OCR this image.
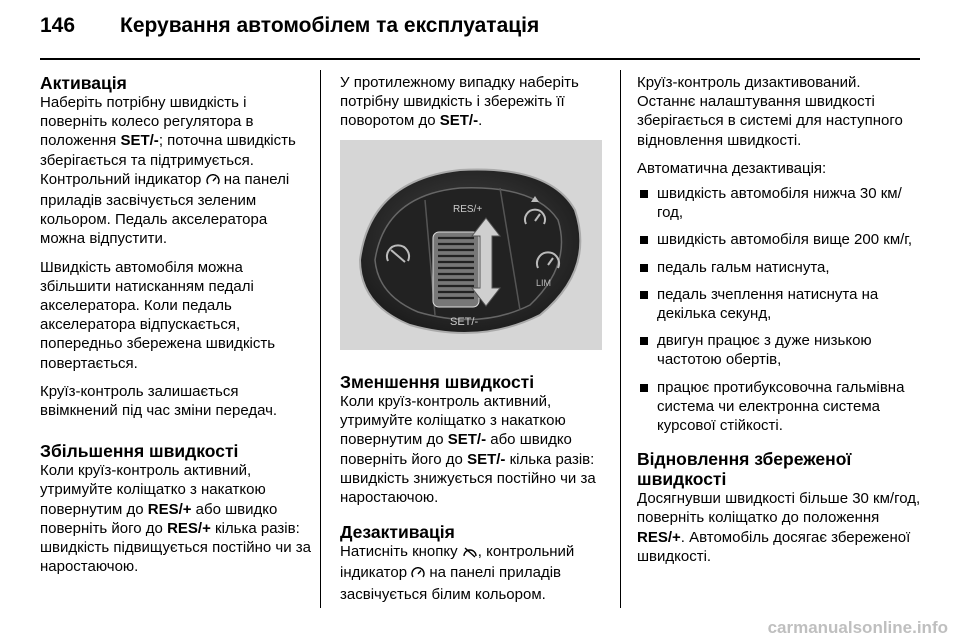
146 Керування автомобілем та експлуатація
Активація

Наберіть потрібну швидкість і поверніть колесо регулятора в положення SET/-; поточна швидкість зберігається та підтримується. Контрольний індикатор  на панелі приладів засвічується зеленим кольором. Педаль акселератора можна відпустити.

Швидкість автомобіля можна збільшити натисканням педалі акселератора. Коли педаль акселератора відпускається, попередньо збережена швидкість повертається.

Круїз-контроль залишається ввімкнений під час зміни передач.

Збільшення швидкості

Коли круїз-контроль активний, утримуйте коліщатко з накаткою повернутим до RES/+ або швидко поверніть його до RES/+ кілька разів: швидкість підвищується постійно чи за наростаючою.

У протилежному випадку наберіть потрібну швидкість і збережіть її поворотом до SET/-.

RES/+
SET/-
LIM
Зменшення швидкості

Коли круїз-контроль активний, утримуйте коліщатко з накаткою повернутим до SET/- або швидко поверніть його до SET/- кілька разів: швидкість знижується постійно чи за наростаючою.

Дезактивація

Натисніть кнопку , контрольний індикатор  на панелі приладів засвічується білим кольором.

Круїз-контроль дизактивований. Останнє налаштування швидкості зберігається в системі для наступного відновлення швидкості.

Автоматична дезактивація:

швидкість автомобіля нижча 30 км/год,
швидкість автомобіля вище 200 км/г,
педаль гальм натиснута,
педаль зчеплення натиснута на декілька секунд,
двигун працює з дуже низькою частотою обертів,
працює протибуксовочна гальмівна система чи електронна система курсової стійкості.
Відновлення збереженої швидкості

Досягнувши швидкості більше 30 км/год, поверніть коліщатко до положення RES/+. Автомобіль досягає збереженої швидкості.

carmanualsonline.info
